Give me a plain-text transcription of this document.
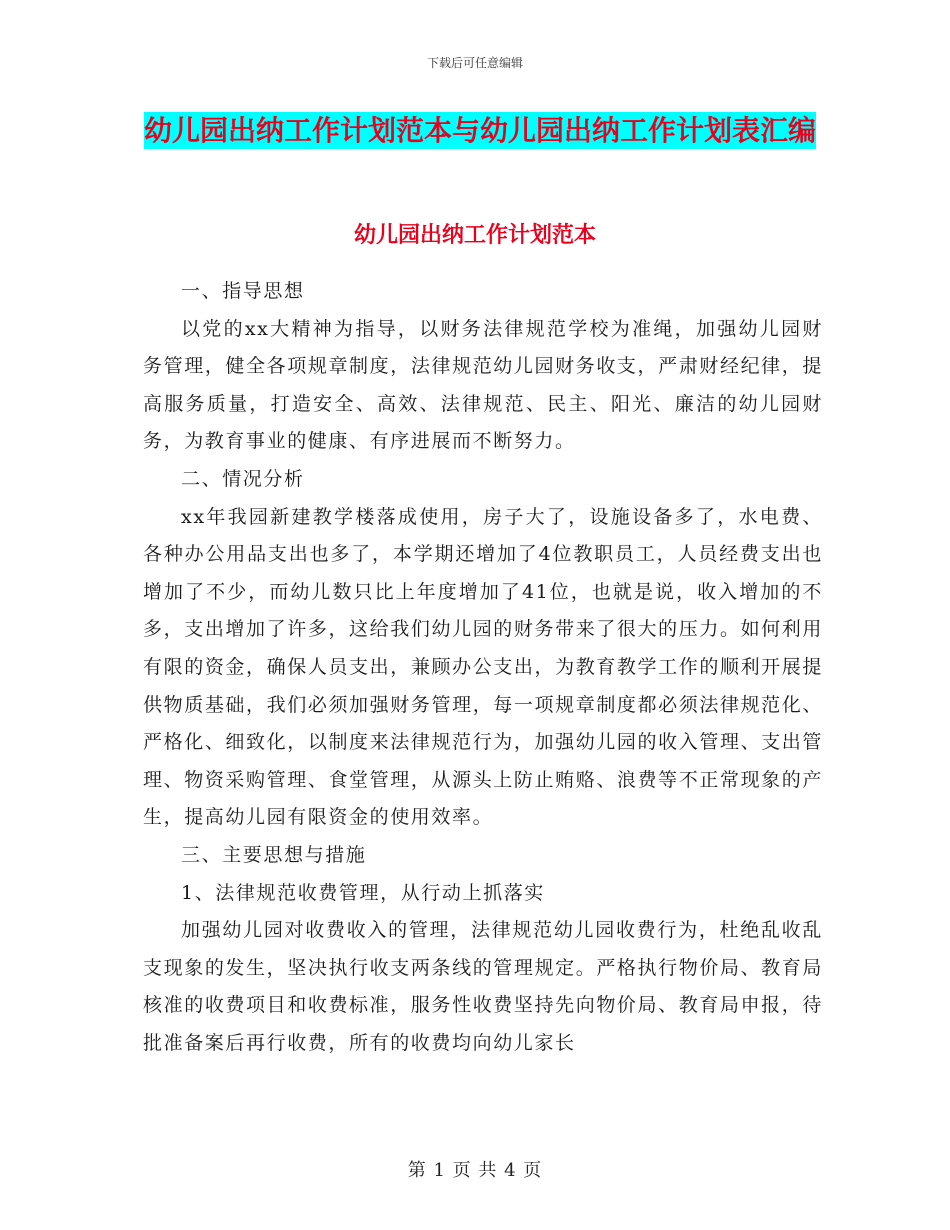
下载后可任意编辑
幼儿园出纳工作计划范本与幼儿园出纳工作计划表汇编
幼儿园出纳工作计划范本

一、指导思想

以党的xx大精神为指导，以财务法律规范学校为准绳，加强幼儿园财务管理，健全各项规章制度，法律规范幼儿园财务收支，严肃财经纪律，提高服务质量，打造安全、高效、法律规范、民主、阳光、廉洁的幼儿园财务，为教育事业的健康、有序进展而不断努力。

二、情况分析

xx年我园新建教学楼落成使用，房子大了，设施设备多了，水电费、各种办公用品支出也多了，本学期还增加了4位教职员工，人员经费支出也增加了不少，而幼儿数只比上年度增加了41位，也就是说，收入增加的不多，支出增加了许多，这给我们幼儿园的财务带来了很大的压力。如何利用有限的资金，确保人员支出，兼顾办公支出，为教育教学工作的顺利开展提供物质基础，我们必须加强财务管理，每一项规章制度都必须法律规范化、严格化、细致化，以制度来法律规范行为，加强幼儿园的收入管理、支出管理、物资采购管理、食堂管理，从源头上防止贿赂、浪费等不正常现象的产生，提高幼儿园有限资金的使用效率。

三、主要思想与措施

1、法律规范收费管理，从行动上抓落实

加强幼儿园对收费收入的管理，法律规范幼儿园收费行为，杜绝乱收乱支现象的发生，坚决执行收支两条线的管理规定。严格执行物价局、教育局核准的收费项目和收费标准，服务性收费坚持先向物价局、教育局申报，待批准备案后再行收费，所有的收费均向幼儿家长

第 1 页 共 4 页
